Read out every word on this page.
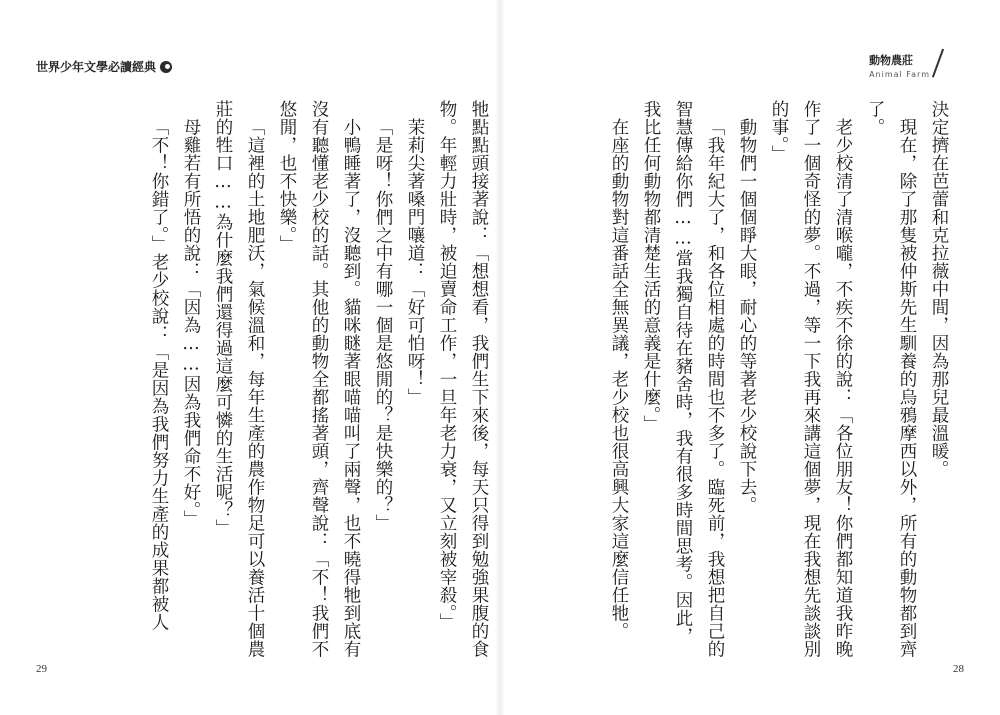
世界少年文學必讀經典
29
動物農莊
Animal Farm
28

決定擠在芭蕾和克拉薇中間，因為那兒最溫暖。

現在，除了那隻被仲斯先生馴養的烏鴉摩西以外，所有的動物都到齊了。

老少校清了清喉嚨，不疾不徐的說：「各位朋友！你們都知道我昨晚作了一個奇怪的夢。不過，等一下我再來講這個夢，現在我想先談談別的事。」

動物們一個個睜大眼，耐心的等著老少校說下去。

「我年紀大了，和各位相處的時間也不多了。臨死前，我想把自己的智慧傳給你們……當我獨自待在豬舍時，我有很多時間思考。因此，我比任何動物都清楚生活的意義是什麼。」

在座的動物對這番話全無異議，老少校也很高興大家這麼信任牠。

牠點點頭接著說：「想想看，我們生下來後，每天只得到勉強果腹的食物。年輕力壯時，被迫賣命工作，一旦年老力衰，又立刻被宰殺。」

茉莉尖著嗓門嚷道：「好可怕呀！」

「是呀！你們之中有哪一個是悠閒的？是快樂的？」

小鴨睡著了，沒聽到。貓咪瞇著眼喵喵叫了兩聲，也不曉得牠到底有沒有聽懂老少校的話。其他的動物全都搖著頭，齊聲說：「不！我們不悠閒，也不快樂。」

「這裡的土地肥沃，氣候溫和，每年生產的農作物足可以養活十個農莊的牲口……為什麼我們還得過這麼可憐的生活呢？」

母雞若有所悟的說：「因為……因為我們命不好。」

「不！你錯了。」老少校說：「是因為我們努力生產的成果都被人
